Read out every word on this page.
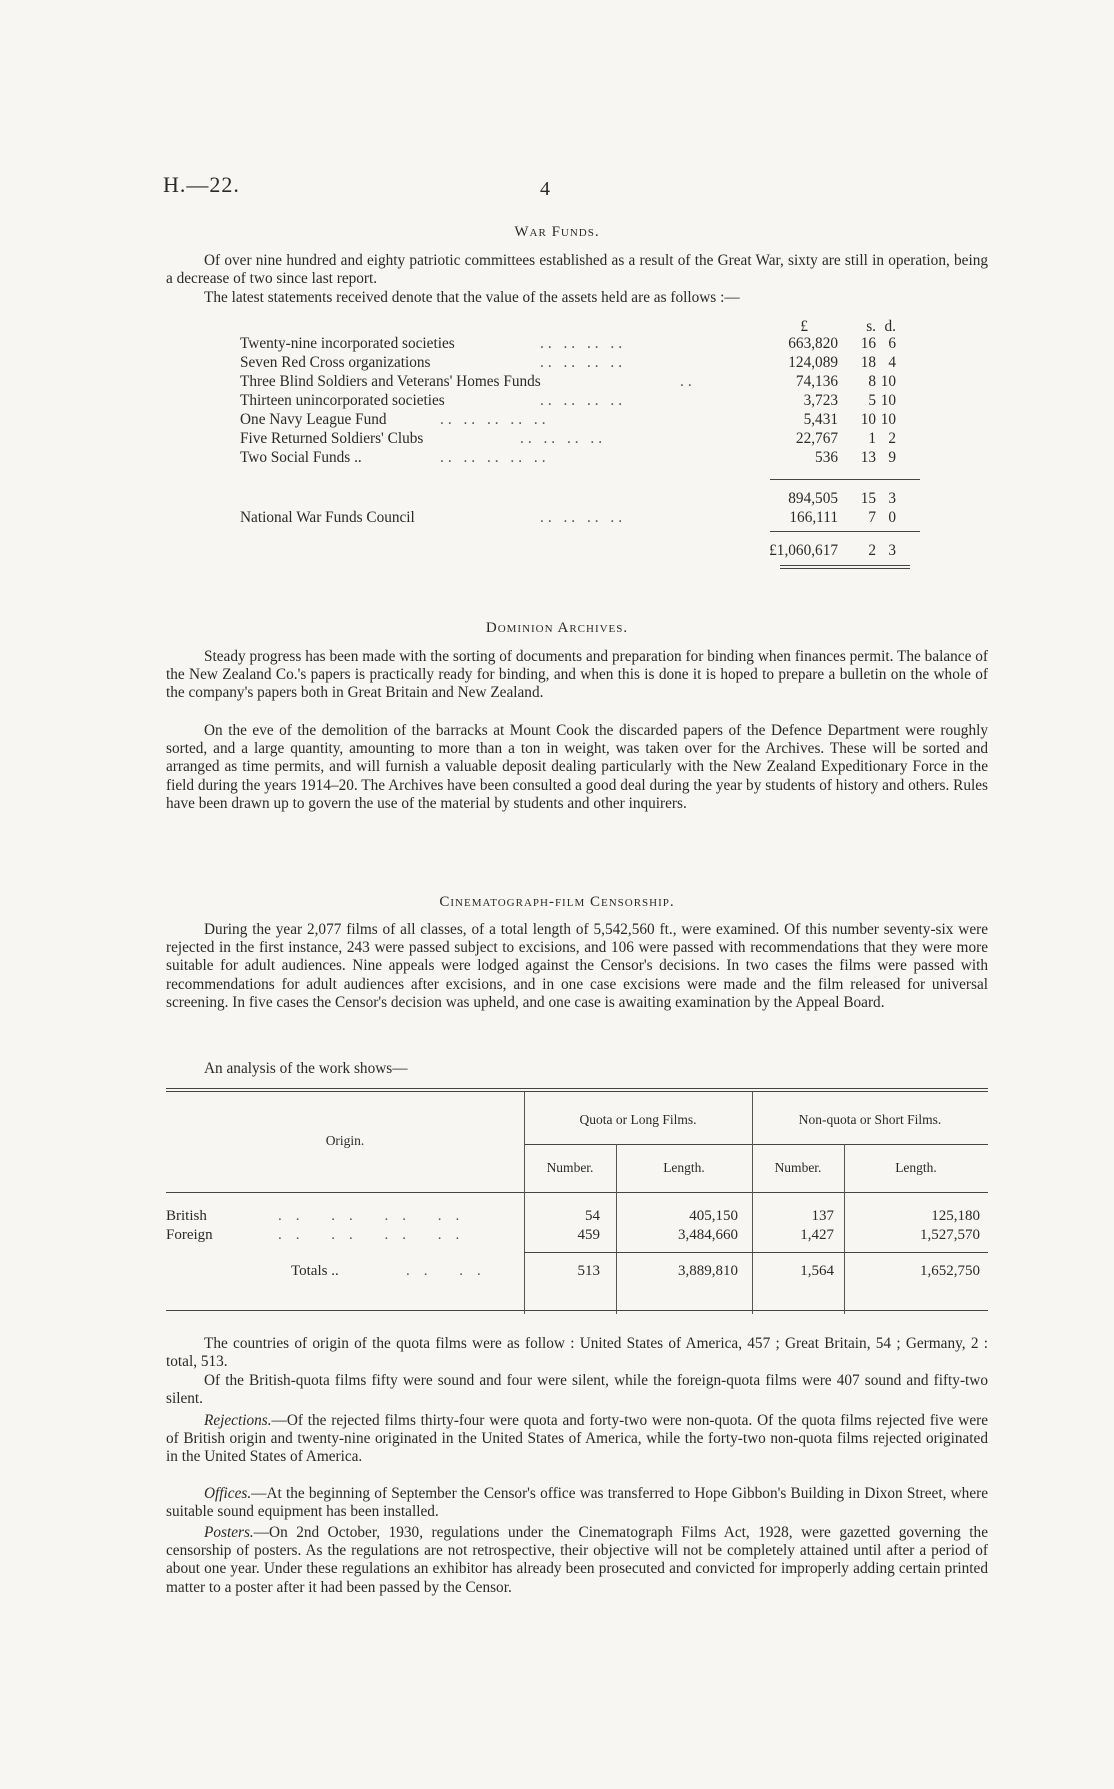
H.—22.	4
War Funds.
Of over nine hundred and eighty patriotic committees established as a result of the Great War, sixty are still in operation, being a decrease of two since last report.
The latest statements received denote that the value of the assets held are as follows :—
£	s. d.
Twenty-nine incorporated societies	.. .. .. ..	663,820	16 6
Seven Red Cross organizations	.. .. .. ..	124,089	18 4
Three Blind Soldiers and Veterans' Homes Funds	..	74,136	8 10
Thirteen unincorporated societies	.. .. .. ..	3,723	5 10
One Navy League Fund	.. .. .. .. ..	5,431	10 10
Five Returned Soldiers' Clubs	.. .. .. ..	22,767	1 2
Two Social Funds ..	.. .. .. .. ..	536	13 9
894,505	15 3
National War Funds Council	.. .. .. ..	166,111	7 0
£1,060,617	2 3
Dominion Archives.
Steady progress has been made with the sorting of documents and preparation for binding when finances permit. The balance of the New Zealand Co.'s papers is practically ready for binding, and when this is done it is hoped to prepare a bulletin on the whole of the company's papers both in Great Britain and New Zealand.
On the eve of the demolition of the barracks at Mount Cook the discarded papers of the Defence Department were roughly sorted, and a large quantity, amounting to more than a ton in weight, was taken over for the Archives. These will be sorted and arranged as time permits, and will furnish a valuable deposit dealing particularly with the New Zealand Expeditionary Force in the field during the years 1914–20. The Archives have been consulted a good deal during the year by students of history and others. Rules have been drawn up to govern the use of the material by students and other inquirers.
Cinematograph-film Censorship.
During the year 2,077 films of all classes, of a total length of 5,542,560 ft., were examined. Of this number seventy-six were rejected in the first instance, 243 were passed subject to excisions, and 106 were passed with recommendations that they were more suitable for adult audiences. Nine appeals were lodged against the Censor's decisions. In two cases the films were passed with recommendations for adult audiences after excisions, and in one case excisions were made and the film released for universal screening. In five cases the Censor's decision was upheld, and one case is awaiting examination by the Appeal Board.
An analysis of the work shows—
Origin.
Quota or Long Films.	Non-quota or Short Films.
Number.	Length.	Number.	Length.
British	.. .. .. ..	54	405,150	137	125,180
Foreign	.. .. .. ..	459	3,484,660	1,427	1,527,570
Totals ..	.. ..	513	3,889,810	1,564	1,652,750
The countries of origin of the quota films were as follow : United States of America, 457 ; Great Britain, 54 ; Germany, 2 : total, 513.
Of the British-quota films fifty were sound and four were silent, while the foreign-quota films were 407 sound and fifty-two silent.
Rejections.—Of the rejected films thirty-four were quota and forty-two were non-quota. Of the quota films rejected five were of British origin and twenty-nine originated in the United States of America, while the forty-two non-quota films rejected originated in the United States of America.
Offices.—At the beginning of September the Censor's office was transferred to Hope Gibbon's Building in Dixon Street, where suitable sound equipment has been installed.
Posters.—On 2nd October, 1930, regulations under the Cinematograph Films Act, 1928, were gazetted governing the censorship of posters. As the regulations are not retrospective, their objective will not be completely attained until after a period of about one year. Under these regulations an exhibitor has already been prosecuted and convicted for improperly adding certain printed matter to a poster after it had been passed by the Censor.
